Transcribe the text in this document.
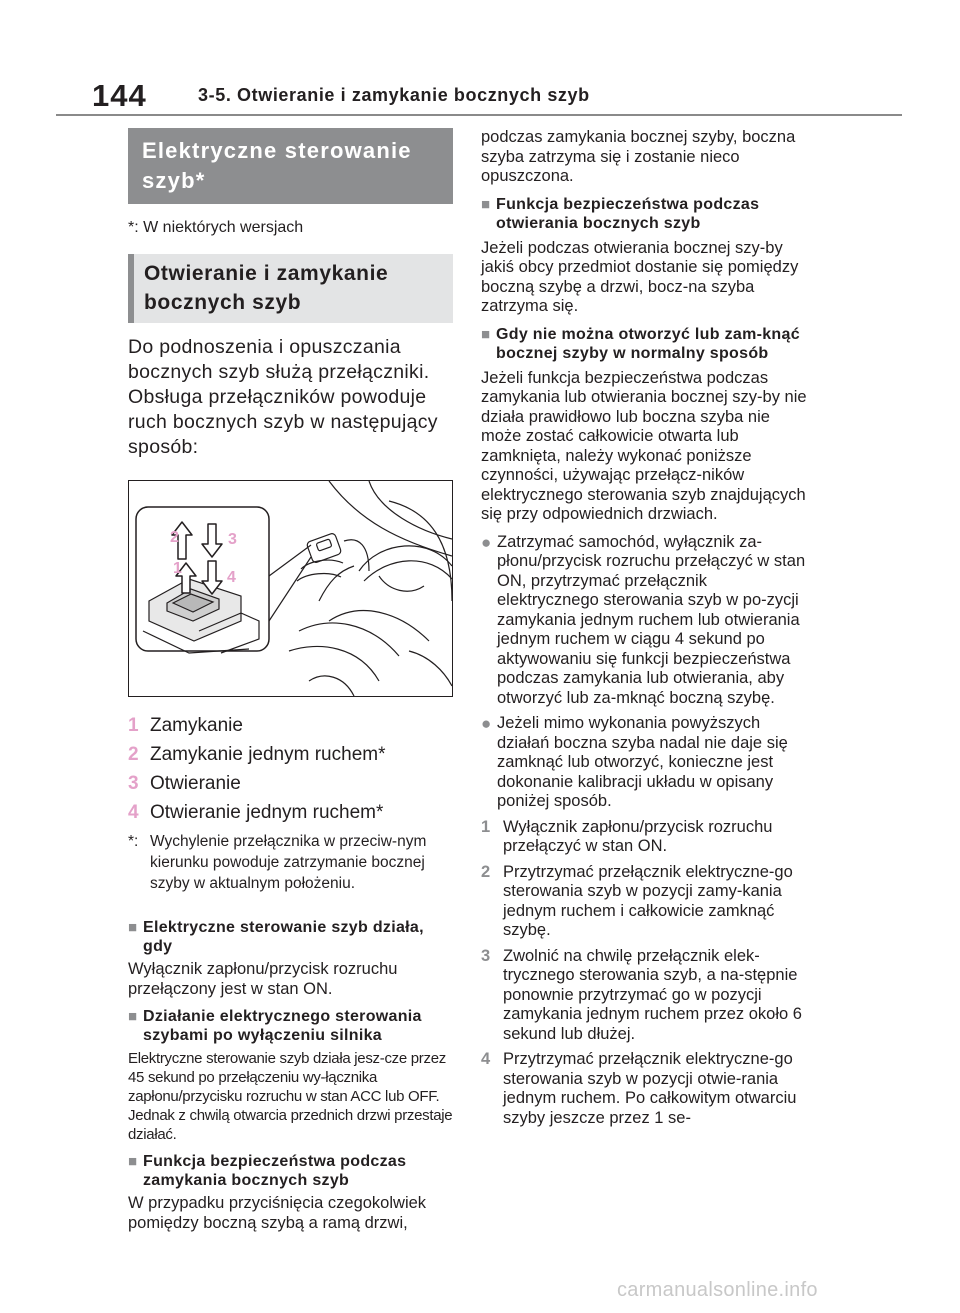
144	3-5. Otwieranie i zamykanie bocznych szyb
Elektryczne sterowanie
szyb*
*: W niektórych wersjach
Otwieranie i zamykanie
bocznych szyb
Do podnoszenia i opuszczania bocznych szyb służą przełączniki. Obsługa przełączników powoduje ruch bocznych szyb w następujący sposób:
2	3
1
4
1 Zamykanie
2 Zamykanie jednym ruchem*
3 Otwieranie
4 Otwieranie jednym ruchem*
*: Wychylenie przełącznika w przeciw-nym kierunku powoduje zatrzymanie bocznej szyby w aktualnym położeniu.
■ Elektryczne sterowanie szyb działa, gdy
Wyłącznik zapłonu/przycisk rozruchu przełączony jest w stan ON.
■ Działanie elektrycznego sterowania szybami po wyłączeniu silnika
Elektryczne sterowanie szyb działa jesz-cze przez 45 sekund po przełączeniu wy-łącznika zapłonu/przycisku rozruchu w stan ACC lub OFF. Jednak z chwilą otwarcia przednich drzwi przestaje działać.
■ Funkcja bezpieczeństwa podczas zamykania bocznych szyb
W przypadku przyciśnięcia czegokolwiek pomiędzy boczną szybą a ramą drzwi,
podczas zamykania bocznej szyby, boczna szyba zatrzyma się i zostanie nieco opuszczona.
■ Funkcja bezpieczeństwa podczas otwierania bocznych szyb
Jeżeli podczas otwierania bocznej szy-by jakiś obcy przedmiot dostanie się pomiędzy boczną szybę a drzwi, bocz-na szyba zatrzyma się.
■ Gdy nie można otworzyć lub zam-knąć bocznej szyby w normalny sposób
Jeżeli funkcja bezpieczeństwa podczas zamykania lub otwierania bocznej szy-by nie działa prawidłowo lub boczna szyba nie może zostać całkowicie otwarta lub zamknięta, należy wykonać poniższe czynności, używając przełącz-ników elektrycznego sterowania szyb znajdujących się przy odpowiednich drzwiach.
● Zatrzymać samochód, wyłącznik za-płonu/przycisk rozruchu przełączyć w stan ON, przytrzymać przełącznik elektrycznego sterowania szyb w po-zycji zamykania jednym ruchem lub otwierania jednym ruchem w ciągu 4 sekund po aktywowaniu się funkcji bezpieczeństwa podczas zamykania lub otwierania, aby otworzyć lub za-mknąć boczną szybę.
● Jeżeli mimo wykonania powyższych działań boczna szyba nadal nie daje się zamknąć lub otworzyć, konieczne jest dokonanie kalibracji układu w opisany poniżej sposób.
1 Wyłącznik zapłonu/przycisk rozruchu przełączyć w stan ON.
2 Przytrzymać przełącznik elektryczne-go sterowania szyb w pozycji zamy-kania jednym ruchem i całkowicie zamknąć szybę.
3 Zwolnić na chwilę przełącznik elek-trycznego sterowania szyb, a na-stępnie ponownie przytrzymać go w pozycji zamykania jednym ruchem przez około 6 sekund lub dłużej.
4 Przytrzymać przełącznik elektryczne-go sterowania szyb w pozycji otwie-rania jednym ruchem. Po całkowitym otwarciu szyby jeszcze przez 1 se-
carmanualsonline.info
